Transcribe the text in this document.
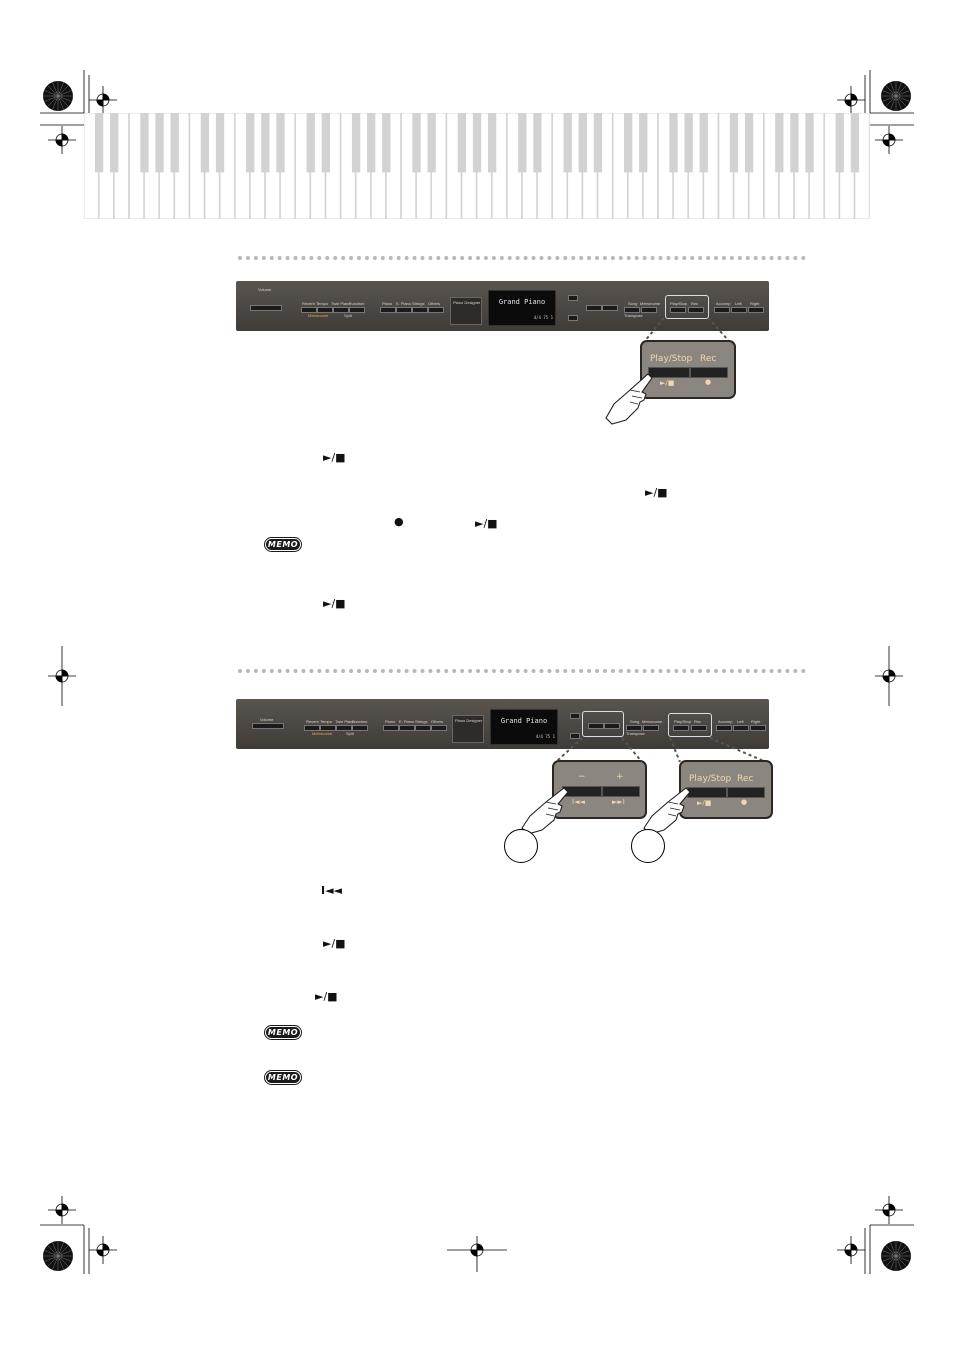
Volume
Reverb Tempo Twin Piano
Function
Metronome	Split
Piano E. Piano Strings Others	Piano Designer	Grand Piano
4/4 75 1
Song Metronome
Transpose
Play/Stop Rec	Accomp Left Right
Play/Stop Rec
►/■	●
►/■
►/■
●	►/■
MEMO
►/■
Volume	Reverb Tempo Twin Piano
Function
Metronome	Split
Piano E. Piano Strings Others	Piano Designer	Grand Piano
4/4 75 1
Song Metronome
Transpose
Play/Stop Rec	Accomp Left Right
−	+
I◄◄	►►I
Play/Stop Rec
►/■	●
I◄◄
►/■
►/■
MEMO
MEMO
